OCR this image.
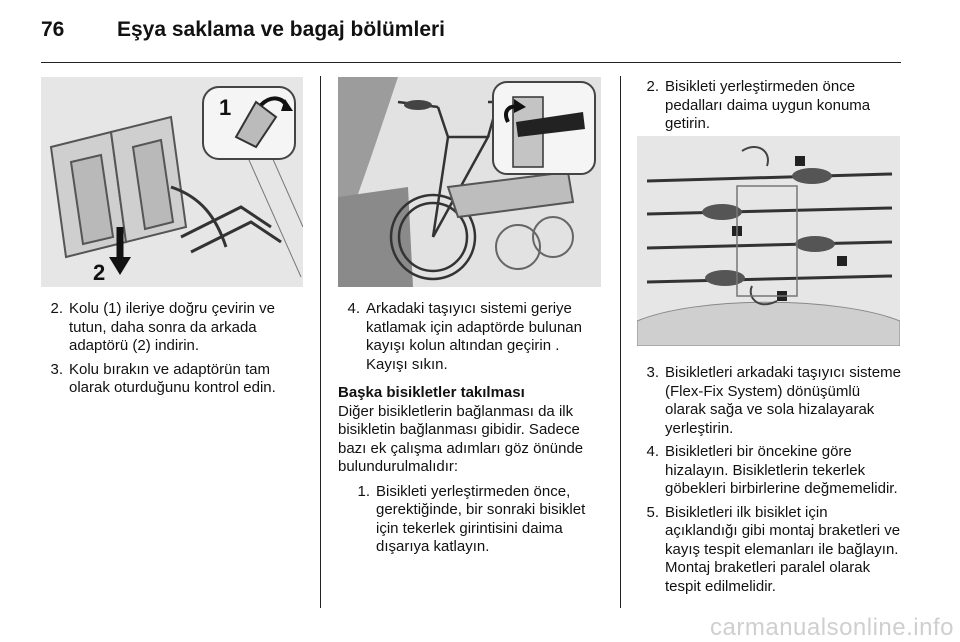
76	Eşya saklama ve bagaj bölümleri
1
2
2. Kolu (1) ileriye doğru çevirin ve tutun, daha sonra da arkada adaptörü (2) indirin.
3. Kolu bırakın ve adaptörün tam olarak oturduğunu kontrol edin.
4. Arkadaki taşıyıcı sistemi geriye katlamak için adaptörde bulunan kayışı kolun altından geçirin . Kayışı sıkın.
Başka bisikletler takılması

Diğer bisikletlerin bağlanması da ilk bisikletin bağlanması gibidir. Sadece bazı ek çalışma adımları göz önünde bulundurulmalıdır:

1. Bisikleti yerleştirmeden önce, gerektiğinde, bir sonraki bisiklet için tekerlek girintisini daima dışarıya katlayın.
2. Bisikleti yerleştirmeden önce pedalları daima uygun konuma getirin.
3. Bisikletleri arkadaki taşıyıcı sisteme (Flex-Fix System) dönüşümlü olarak sağa ve sola hizalayarak yerleştirin.
4. Bisikletleri bir öncekine göre hizalayın. Bisikletlerin tekerlek göbekleri birbirlerine değmemelidir.
5. Bisikletleri ilk bisiklet için açıklandığı gibi montaj braketleri ve kayış tespit elemanları ile bağlayın. Montaj braketleri paralel olarak tespit edilmelidir.
carmanualsonline.info
